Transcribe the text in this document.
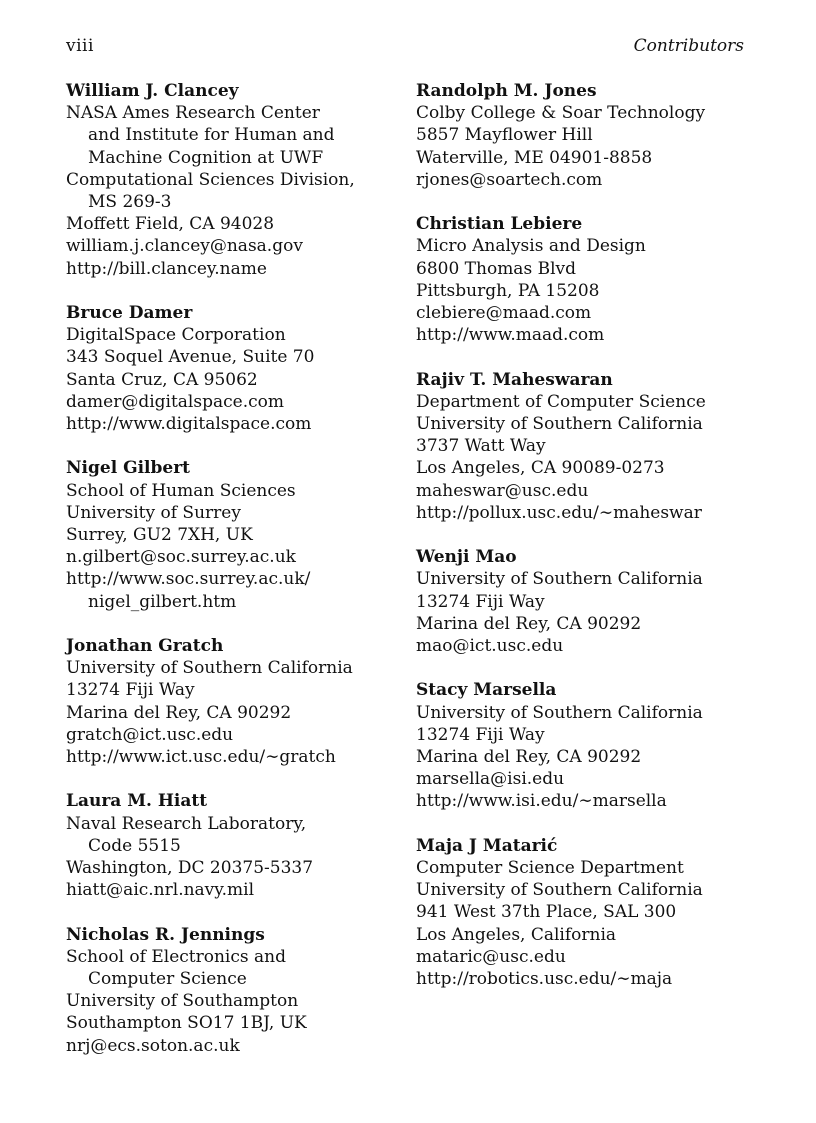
viii	Contributors
William J. Clancey
NASA Ames Research Center
and Institute for Human and
Machine Cognition at UWF
Computational Sciences Division,
MS 269-3
Moffett Field, CA 94028
william.j.clancey@nasa.gov
http://bill.clancey.name
Bruce Damer
DigitalSpace Corporation
343 Soquel Avenue, Suite 70
Santa Cruz, CA 95062
damer@digitalspace.com
http://www.digitalspace.com
Nigel Gilbert
School of Human Sciences
University of Surrey
Surrey, GU2 7XH, UK
n.gilbert@soc.surrey.ac.uk
http://www.soc.surrey.ac.uk/
nigel_gilbert.htm
Jonathan Gratch
University of Southern California
13274 Fiji Way
Marina del Rey, CA 90292
gratch@ict.usc.edu
http://www.ict.usc.edu/∼gratch
Laura M. Hiatt
Naval Research Laboratory,
Code 5515
Washington, DC 20375-5337
hiatt@aic.nrl.navy.mil
Nicholas R. Jennings
School of Electronics and
Computer Science
University of Southampton
Southampton SO17 1BJ, UK
nrj@ecs.soton.ac.uk
Randolph M. Jones
Colby College & Soar Technology
5857 Mayflower Hill
Waterville, ME 04901-8858
rjones@soartech.com
Christian Lebiere
Micro Analysis and Design
6800 Thomas Blvd
Pittsburgh, PA 15208
clebiere@maad.com
http://www.maad.com
Rajiv T. Maheswaran
Department of Computer Science
University of Southern California
3737 Watt Way
Los Angeles, CA 90089-0273
maheswar@usc.edu
http://pollux.usc.edu/∼maheswar
Wenji Mao
University of Southern California
13274 Fiji Way
Marina del Rey, CA 90292
mao@ict.usc.edu
Stacy Marsella
University of Southern California
13274 Fiji Way
Marina del Rey, CA 90292
marsella@isi.edu
http://www.isi.edu/∼marsella
Maja J Matarić
Computer Science Department
University of Southern California
941 West 37th Place, SAL 300
Los Angeles, California
mataric@usc.edu
http://robotics.usc.edu/∼maja
